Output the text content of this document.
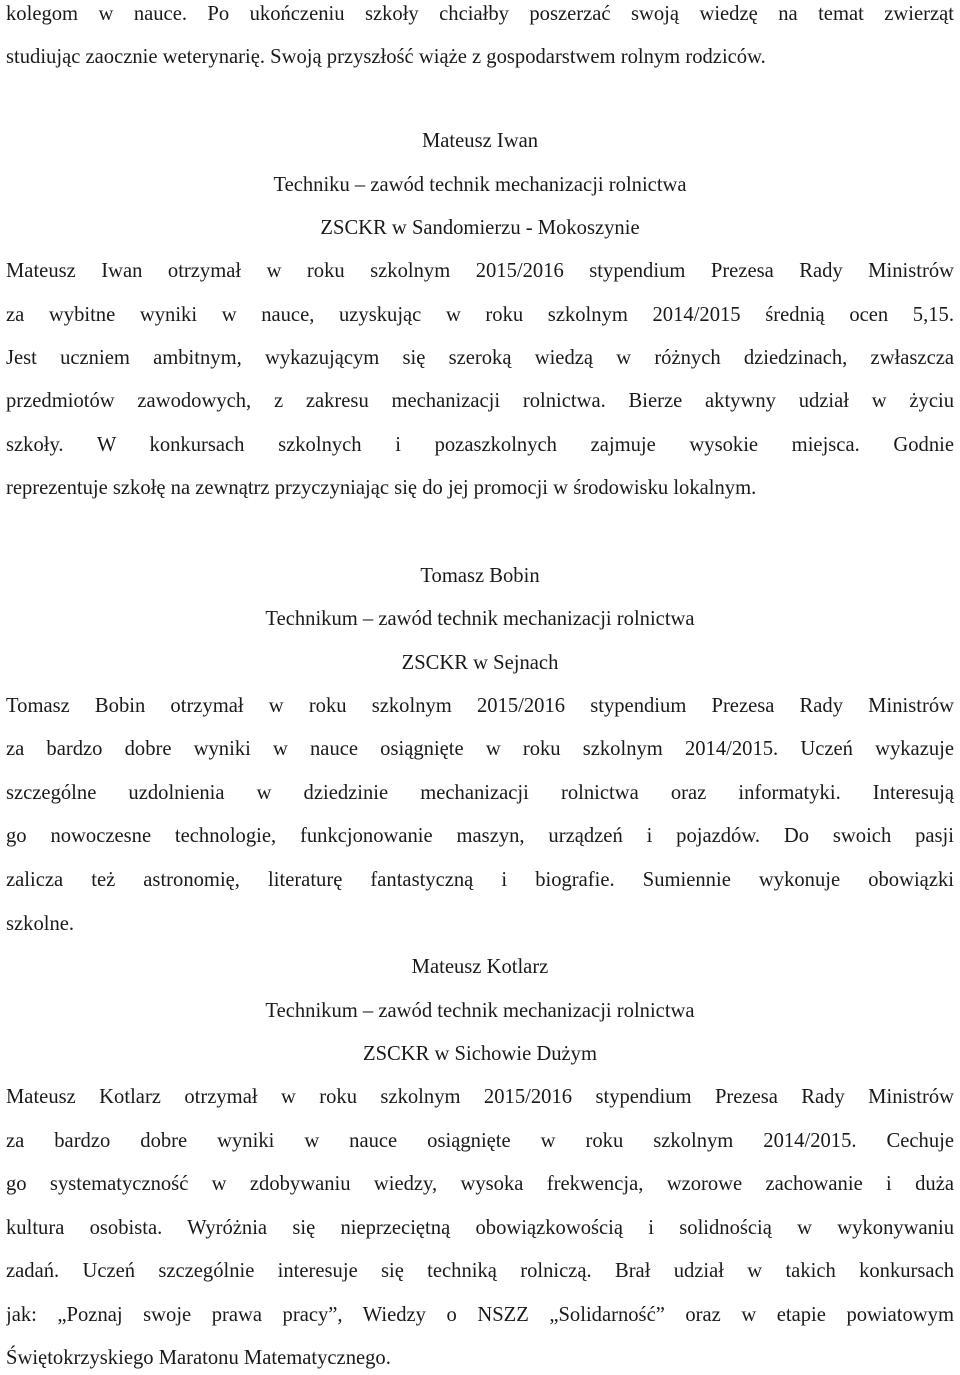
kolegom w nauce. Po ukończeniu szkoły chciałby poszerzać swoją wiedzę na temat zwierząt
studiując zaocznie weterynarię. Swoją przyszłość wiąże z gospodarstwem rolnym rodziców.
Mateusz Iwan
Techniku – zawód technik mechanizacji rolnictwa
ZSCKR w Sandomierzu - Mokoszynie
Mateusz Iwan otrzymał w roku szkolnym 2015/2016 stypendium Prezesa Rady Ministrów
za wybitne wyniki w nauce, uzyskując w roku szkolnym 2014/2015 średnią ocen 5,15.
Jest uczniem ambitnym, wykazującym się szeroką wiedzą w różnych dziedzinach, zwłaszcza
przedmiotów zawodowych, z zakresu mechanizacji rolnictwa. Bierze aktywny udział w życiu
szkoły. W konkursach szkolnych i pozaszkolnych zajmuje wysokie miejsca. Godnie
reprezentuje szkołę na zewnątrz przyczyniając się do jej promocji w środowisku lokalnym.
Tomasz Bobin
Technikum – zawód technik mechanizacji rolnictwa
ZSCKR w Sejnach
Tomasz Bobin otrzymał w roku szkolnym 2015/2016 stypendium Prezesa Rady Ministrów
za bardzo dobre wyniki w nauce osiągnięte w roku szkolnym 2014/2015. Uczeń wykazuje
szczególne uzdolnienia w dziedzinie mechanizacji rolnictwa oraz informatyki. Interesują
go nowoczesne technologie, funkcjonowanie maszyn, urządzeń i pojazdów. Do swoich pasji
zalicza też astronomię, literaturę fantastyczną i biografie. Sumiennie wykonuje obowiązki
szkolne.
Mateusz Kotlarz
Technikum – zawód technik mechanizacji rolnictwa
ZSCKR w Sichowie Dużym
Mateusz Kotlarz otrzymał w roku szkolnym 2015/2016 stypendium Prezesa Rady Ministrów
za bardzo dobre wyniki w nauce osiągnięte w roku szkolnym 2014/2015. Cechuje
go systematyczność w zdobywaniu wiedzy, wysoka frekwencja, wzorowe zachowanie i duża
kultura osobista. Wyróżnia się nieprzeciętną obowiązkowością i solidnością w wykonywaniu
zadań. Uczeń szczególnie interesuje się techniką rolniczą. Brał udział w takich konkursach
jak: „Poznaj swoje prawa pracy”, Wiedzy o NSZZ „Solidarność” oraz w etapie powiatowym
Świętokrzyskiego Maratonu Matematycznego.
